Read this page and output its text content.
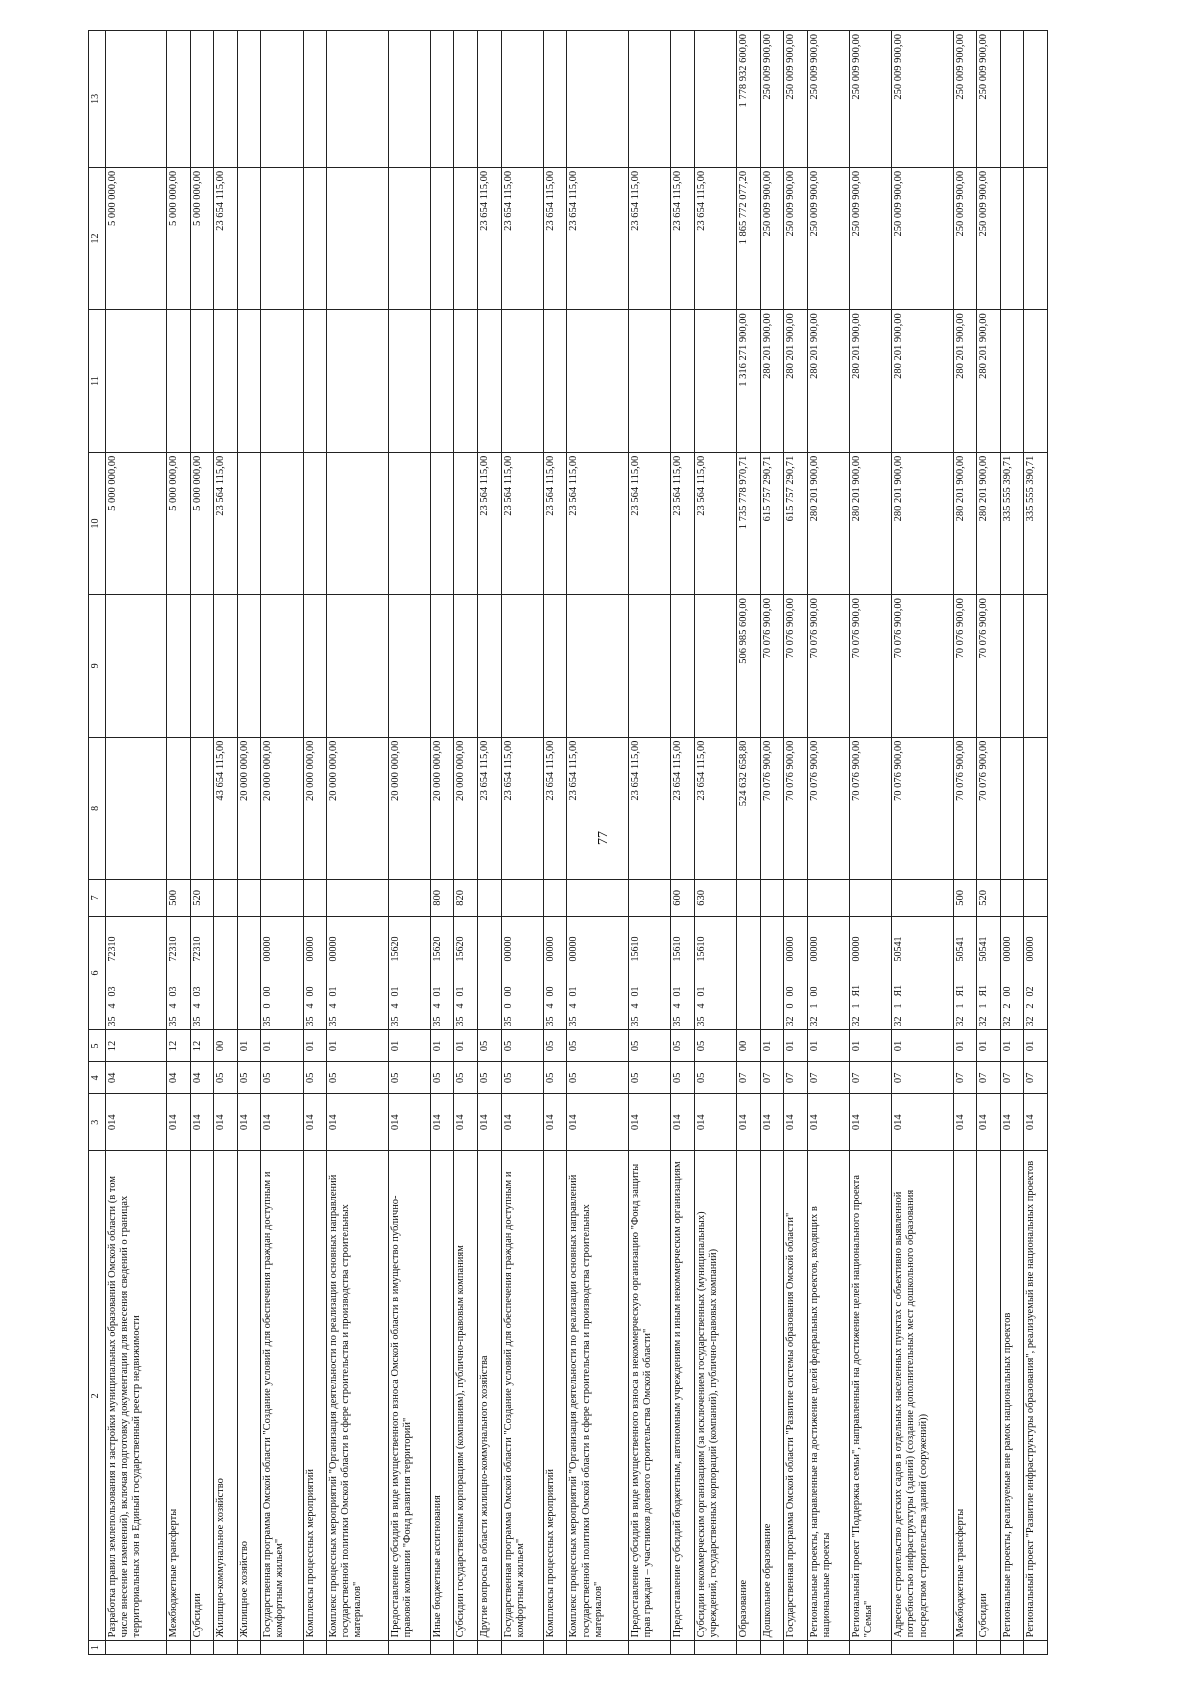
77
1	2	3	4	5	6	7	8	9	10	11	12	13
	Разработка правил землепользования и застройки муниципальных образований Омской области (в том числе внесение изменений), включая подготовку документации для внесения сведений о границах территориальных зон в Единый государственный реестр недвижимости	014	04	12	3540372310				5 000 000,00		5 000 000,00	
	Межбюджетные трансферты	014	04	12	3540372310	500			5 000 000,00		5 000 000,00	
	Субсидии	014	04	12	3540372310	520			5 000 000,00		5 000 000,00	
	Жилищно-коммунальное хозяйство	014	05	00			43 654 115,00		23 564 115,00		23 654 115,00	
	Жилищное хозяйство	014	05	01			20 000 000,00					
	Государственная программа Омской области "Создание условий для обеспечения граждан доступным и комфортным жильем"	014	05	01	3500000000		20 000 000,00					
	Комплексы процессных мероприятий	014	05	01	3540000000		20 000 000,00					
	Комплекс процессных мероприятий "Организация деятельности по реализации основных направлений государственной политики Омской области в сфере строительства и производства строительных материалов"	014	05	01	3540100000		20 000 000,00					
	Предоставление субсидий в виде имущественного взноса Омской области в имущество публично-правовой компании "Фонд развития территорий"	014	05	01	3540115620		20 000 000,00					
	Иные бюджетные ассигнования	014	05	01	3540115620	800	20 000 000,00					
	Субсидии государственным корпорациям (компаниям), публично-правовым компаниям	014	05	01	3540115620	820	20 000 000,00					
	Другие вопросы в области жилищно-коммунального хозяйства	014	05	05			23 654 115,00		23 564 115,00		23 654 115,00	
	Государственная программа Омской области "Создание условий для обеспечения граждан доступным и комфортным жильем"	014	05	05	3500000000		23 654 115,00		23 564 115,00		23 654 115,00	
	Комплексы процессных мероприятий	014	05	05	3540000000		23 654 115,00		23 564 115,00		23 654 115,00	
	Комплекс процессных мероприятий "Организация деятельности по реализации основных направлений государственной политики Омской области в сфере строительства и производства строительных материалов"	014	05	05	3540100000		23 654 115,00		23 564 115,00		23 654 115,00	
	Предоставление субсидий в виде имущественного взноса в некоммерческую организацию "Фонд защиты прав граждан – участников долевого строительства Омской области"	014	05	05	3540115610		23 654 115,00		23 564 115,00		23 654 115,00	
	Предоставление субсидий бюджетным, автономным учреждениям и иным некоммерческим организациям	014	05	05	3540115610	600	23 654 115,00		23 564 115,00		23 654 115,00	
	Субсидии некоммерческим организациям (за исключением государственных (муниципальных) учреждений, государственных корпораций (компаний), публично-правовых компаний)	014	05	05	3540115610	630	23 654 115,00		23 564 115,00		23 654 115,00	
	Образование	014	07	00			524 632 658,80	506 985 600,00	1 735 778 970,71	1 316 271 900,00	1 865 772 077,20	1 778 932 600,00
	Дошкольное образование	014	07	01			70 076 900,00	70 076 900,00	615 757 290,71	280 201 900,00	250 009 900,00	250 009 900,00
	Государственная программа Омской области "Развитие системы образования Омской области"	014	07	01	3200000000		70 076 900,00	70 076 900,00	615 757 290,71	280 201 900,00	250 009 900,00	250 009 900,00
	Региональные проекты, направленные на достижение целей федеральных проектов, входящих в национальные проекты	014	07	01	3210000000		70 076 900,00	70 076 900,00	280 201 900,00	280 201 900,00	250 009 900,00	250 009 900,00
	Региональный проект "Поддержка семьи", направленный на достижение целей национального проекта "Семья"	014	07	01	321Я100000		70 076 900,00	70 076 900,00	280 201 900,00	280 201 900,00	250 009 900,00	250 009 900,00
	Адресное строительство детских садов в отдельных населенных пунктах с объективно выявленной потребностью инфраструктуры (зданий) (создание дополнительных мест дошкольного образования посредством строительства зданий (сооружений))	014	07	01	321Я150541		70 076 900,00	70 076 900,00	280 201 900,00	280 201 900,00	250 009 900,00	250 009 900,00
	Межбюджетные трансферты	014	07	01	321Я150541	500	70 076 900,00	70 076 900,00	280 201 900,00	280 201 900,00	250 009 900,00	250 009 900,00
	Субсидии	014	07	01	321Я150541	520	70 076 900,00	70 076 900,00	280 201 900,00	280 201 900,00	250 009 900,00	250 009 900,00
	Региональные проекты, реализуемые вне рамок национальных проектов	014	07	01	3220000000				335 555 390,71			
	Региональный проект "Развитие инфраструктуры образования", реализуемый вне национальных проектов	014	07	01	3220200000				335 555 390,71			
